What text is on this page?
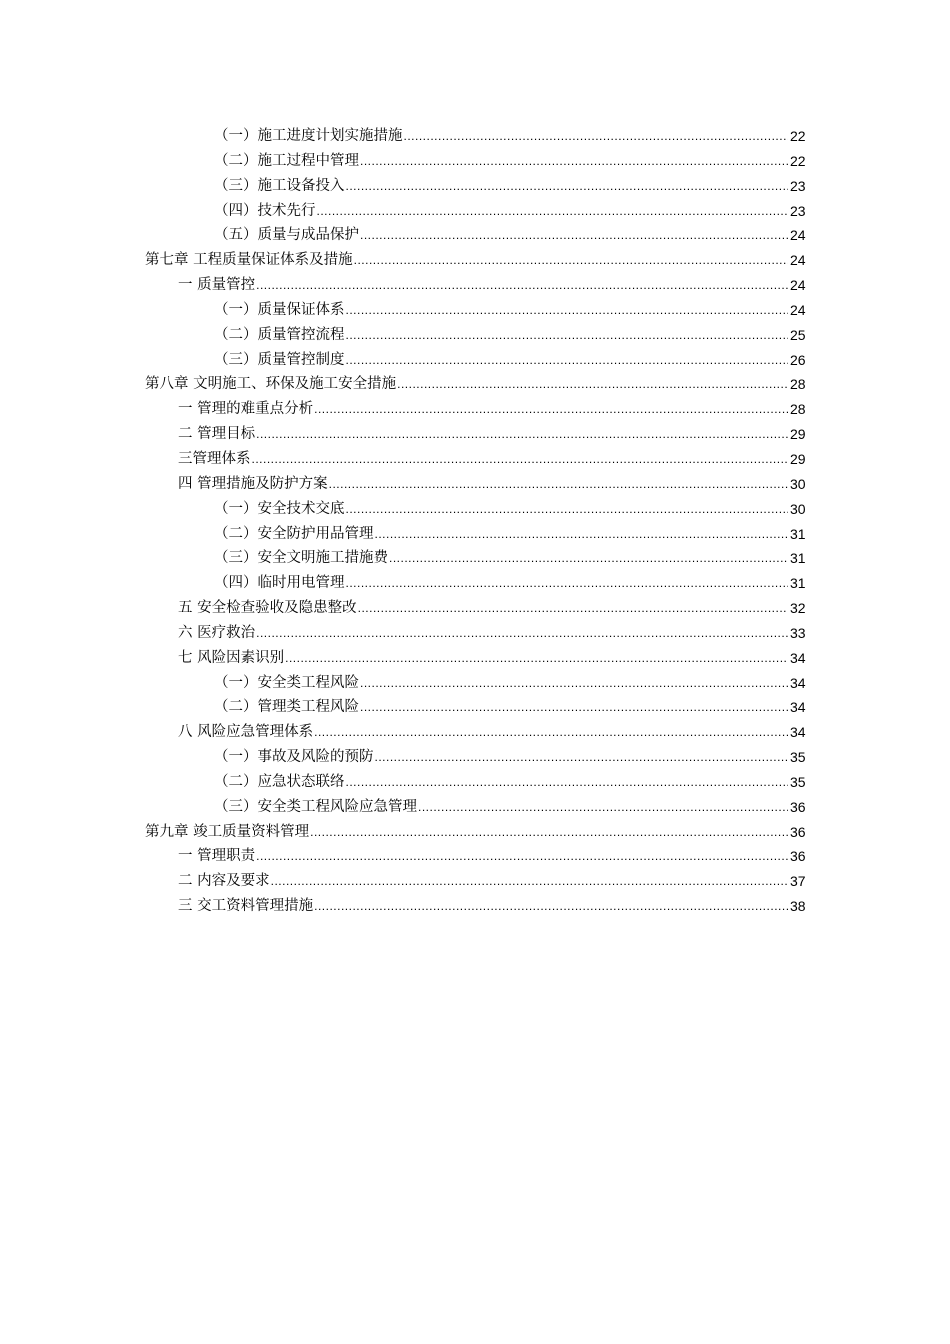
（一）施工进度计划实施措施 .....	22
（二）施工过程中管理 .....	22
（三）施工设备投入 .....	23
（四）技术先行 .....	23
（五）质量与成品保护 .....	24
第七章 工程质量保证体系及措施 .....	24
一 质量管控 .....	24
（一）质量保证体系 .....	24
（二）质量管控流程 .....	25
（三）质量管控制度 .....	26
第八章 文明施工、环保及施工安全措施 .....	28
一 管理的难重点分析 .....	28
二 管理目标 .....	29
三管理体系 .....	29
四 管理措施及防护方案 .....	30
（一）安全技术交底 .....	30
（二）安全防护用品管理 .....	31
（三）安全文明施工措施费 .....	31
（四）临时用电管理 .....	31
五 安全检查验收及隐患整改 .....	32
六 医疗救治 .....	33
七 风险因素识别 .....	34
（一）安全类工程风险 .....	34
（二）管理类工程风险 .....	34
八 风险应急管理体系 .....	34
（一）事故及风险的预防 .....	35
（二）应急状态联络 .....	35
（三）安全类工程风险应急管理 .....	36
第九章 竣工质量资料管理 .....	36
一 管理职责 .....	36
二 内容及要求 .....	37
三 交工资料管理措施 .....	38
